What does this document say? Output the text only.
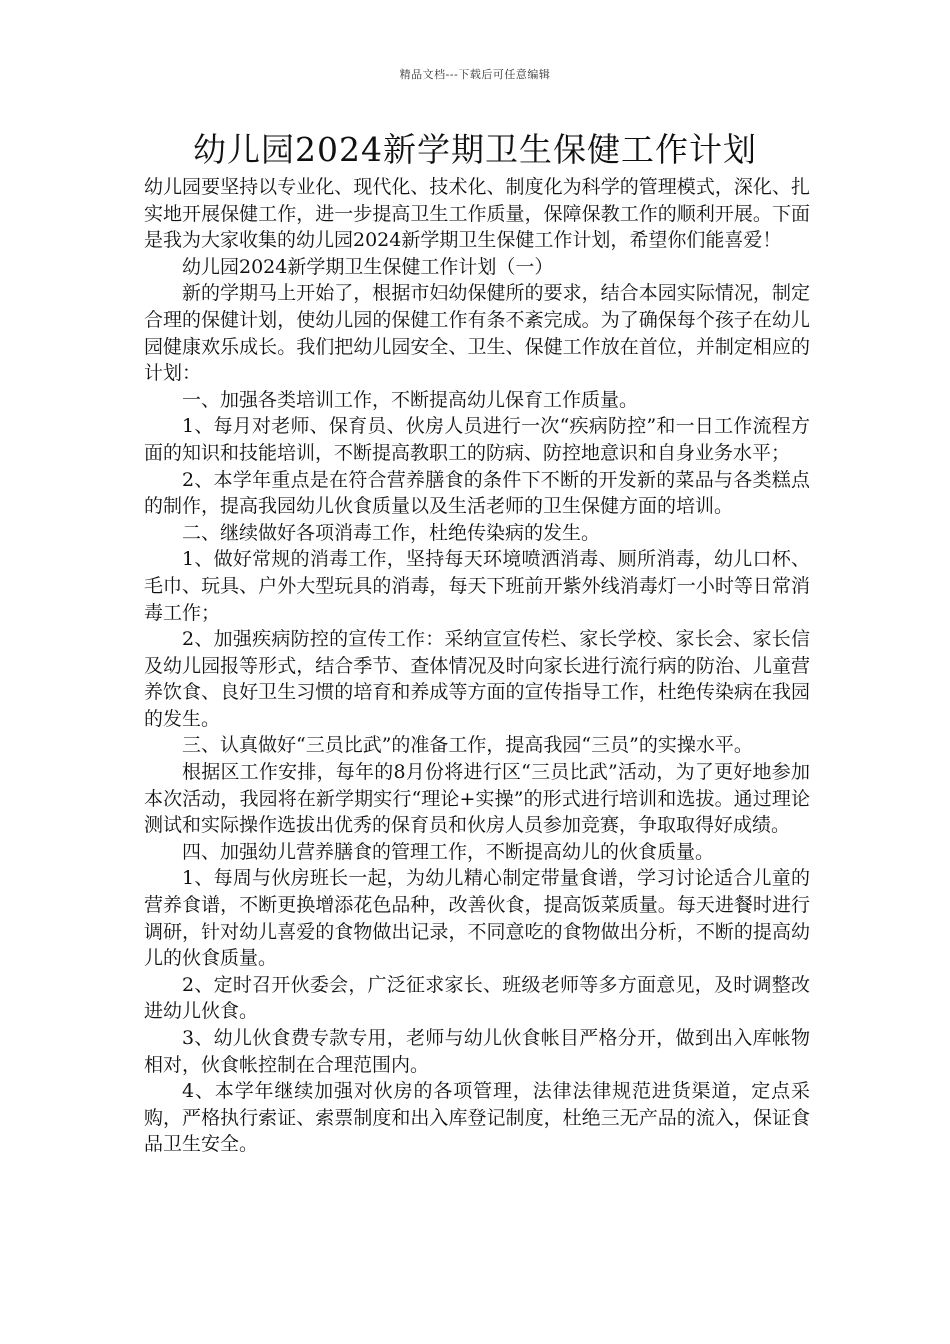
精品文档---下载后可任意编辑
幼儿园2024新学期卫生保健工作计划

幼儿园要坚持以专业化、现代化、技术化、制度化为科学的管理模式，深化、扎实地开展保健工作，进一步提高卫生工作质量，保障保教工作的顺利开展。下面是我为大家收集的幼儿园2024新学期卫生保健工作计划，希望你们能喜爱！

幼儿园2024新学期卫生保健工作计划（一）

新的学期马上开始了，根据市妇幼保健所的要求，结合本园实际情况，制定合理的保健计划，使幼儿园的保健工作有条不紊完成。为了确保每个孩子在幼儿园健康欢乐成长。我们把幼儿园安全、卫生、保健工作放在首位，并制定相应的计划：

一、加强各类培训工作，不断提高幼儿保育工作质量。

1、每月对老师、保育员、伙房人员进行一次“疾病防控”和一日工作流程方面的知识和技能培训，不断提高教职工的防病、防控地意识和自身业务水平；

2、本学年重点是在符合营养膳食的条件下不断的开发新的菜品与各类糕点的制作，提高我园幼儿伙食质量以及生活老师的卫生保健方面的培训。

二、继续做好各项消毒工作，杜绝传染病的发生。

1、做好常规的消毒工作，坚持每天环境喷洒消毒、厕所消毒，幼儿口杯、毛巾、玩具、户外大型玩具的消毒，每天下班前开紫外线消毒灯一小时等日常消毒工作；

2、加强疾病防控的宣传工作：采纳宣宣传栏、家长学校、家长会、家长信及幼儿园报等形式，结合季节、查体情况及时向家长进行流行病的防治、儿童营养饮食、良好卫生习惯的培育和养成等方面的宣传指导工作，杜绝传染病在我园的发生。

三、认真做好“三员比武”的准备工作，提高我园“三员”的实操水平。

根据区工作安排，每年的8月份将进行区“三员比武”活动，为了更好地参加本次活动，我园将在新学期实行“理论+实操”的形式进行培训和选拔。通过理论测试和实际操作选拔出优秀的保育员和伙房人员参加竞赛，争取取得好成绩。

四、加强幼儿营养膳食的管理工作，不断提高幼儿的伙食质量。

1、每周与伙房班长一起，为幼儿精心制定带量食谱，学习讨论适合儿童的营养食谱，不断更换增添花色品种，改善伙食，提高饭菜质量。每天进餐时进行调研，针对幼儿喜爱的食物做出记录，不同意吃的食物做出分析，不断的提高幼儿的伙食质量。

2、定时召开伙委会，广泛征求家长、班级老师等多方面意见，及时调整改进幼儿伙食。

3、幼儿伙食费专款专用，老师与幼儿伙食帐目严格分开，做到出入库帐物相对，伙食帐控制在合理范围内。

4、本学年继续加强对伙房的各项管理，法律法律规范进货渠道，定点采购，严格执行索证、索票制度和出入库登记制度，杜绝三无产品的流入，保证食品卫生安全。
